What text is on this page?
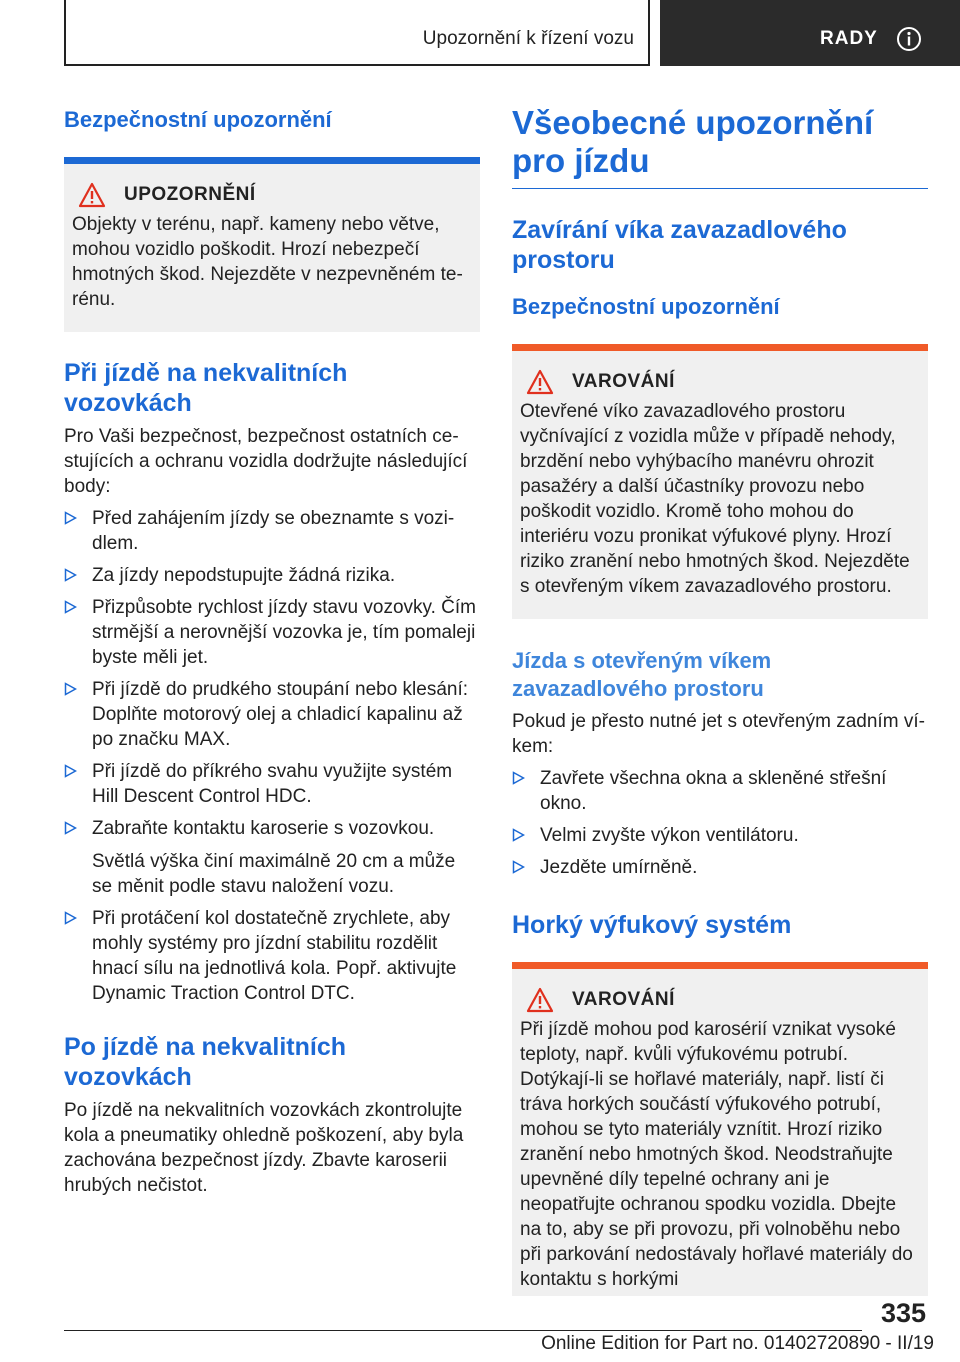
Upozornění k řízení vozu	RADY
Bezpečnostní upozornění
UPOZORNĚNÍ

Objekty v terénu, např. kameny nebo větve, mohou vozidlo poškodit. Hrozí nebezpečí hmotných škod. Nejezděte v nezpevněném terénu.

Při jízdě na nekvalitních vozovkách

Pro Vaši bezpečnost, bezpečnost ostatních cestujících a ochranu vozidla dodržujte následující body:

Před zahájením jízdy se obeznamte s vozidlem.
Za jízdy nepodstupujte žádná rizika.
Přizpůsobte rychlost jízdy stavu vozovky. Čím strmější a nerovnější vozovka je, tím pomaleji byste měli jet.
Při jízdě do prudkého stoupání nebo klesání: Doplňte motorový olej a chladicí kapalinu až po značku MAX.
Při jízdě do příkrého svahu využijte systém Hill Descent Control HDC.
Zabraňte kontaktu karoserie s vozovkou.

Světlá výška činí maximálně 20 cm a může se měnit podle stavu naložení vozu.

Při protáčení kol dostatečně zrychlete, aby mohly systémy pro jízdní stabilitu rozdělit hnací sílu na jednotlivá kola. Popř. aktivujte Dynamic Traction Control DTC.
Po jízdě na nekvalitních vozovkách

Po jízdě na nekvalitních vozovkách zkontrolujte kola a pneumatiky ohledně poškození, aby byla zachována bezpečnost jízdy. Zbavte karoserii hrubých nečistot.

Všeobecné upozornění pro jízdu
Zavírání víka zavazadlového prostoru
Bezpečnostní upozornění
VAROVÁNÍ

Otevřené víko zavazadlového prostoru vyčnívající z vozidla může v případě nehody, brzdění nebo vyhýbacího manévru ohrozit pasažéry a další účastníky provozu nebo poškodit vozidlo. Kromě toho mohou do interiéru vozu pronikat výfukové plyny. Hrozí riziko zranění nebo hmotných škod. Nejezděte s otevřeným víkem zavazadlového prostoru.

Jízda s otevřeným víkem zavazadlového prostoru

Pokud je přesto nutné jet s otevřeným zadním víkem:

Zavřete všechna okna a skleněné střešní okno.
Velmi zvyšte výkon ventilátoru.
Jezděte umírněně.
Horký výfukový systém
VAROVÁNÍ

Při jízdě mohou pod karosérií vznikat vysoké teploty, např. kvůli výfukovému potrubí. Dotýkají-li se hořlavé materiály, např. listí či tráva horkých součástí výfukového potrubí, mohou se tyto materiály vznítit. Hrozí riziko zranění nebo hmotných škod. Neodstraňujte upevněné díly tepelné ochrany ani je neopatřujte ochranou spodku vozidla. Dbejte na to, aby se při provozu, při volnoběhu nebo při parkování nedostávaly hořlavé materiály do kontaktu s horkými

335
Online Edition for Part no. 01402720890 - II/19
